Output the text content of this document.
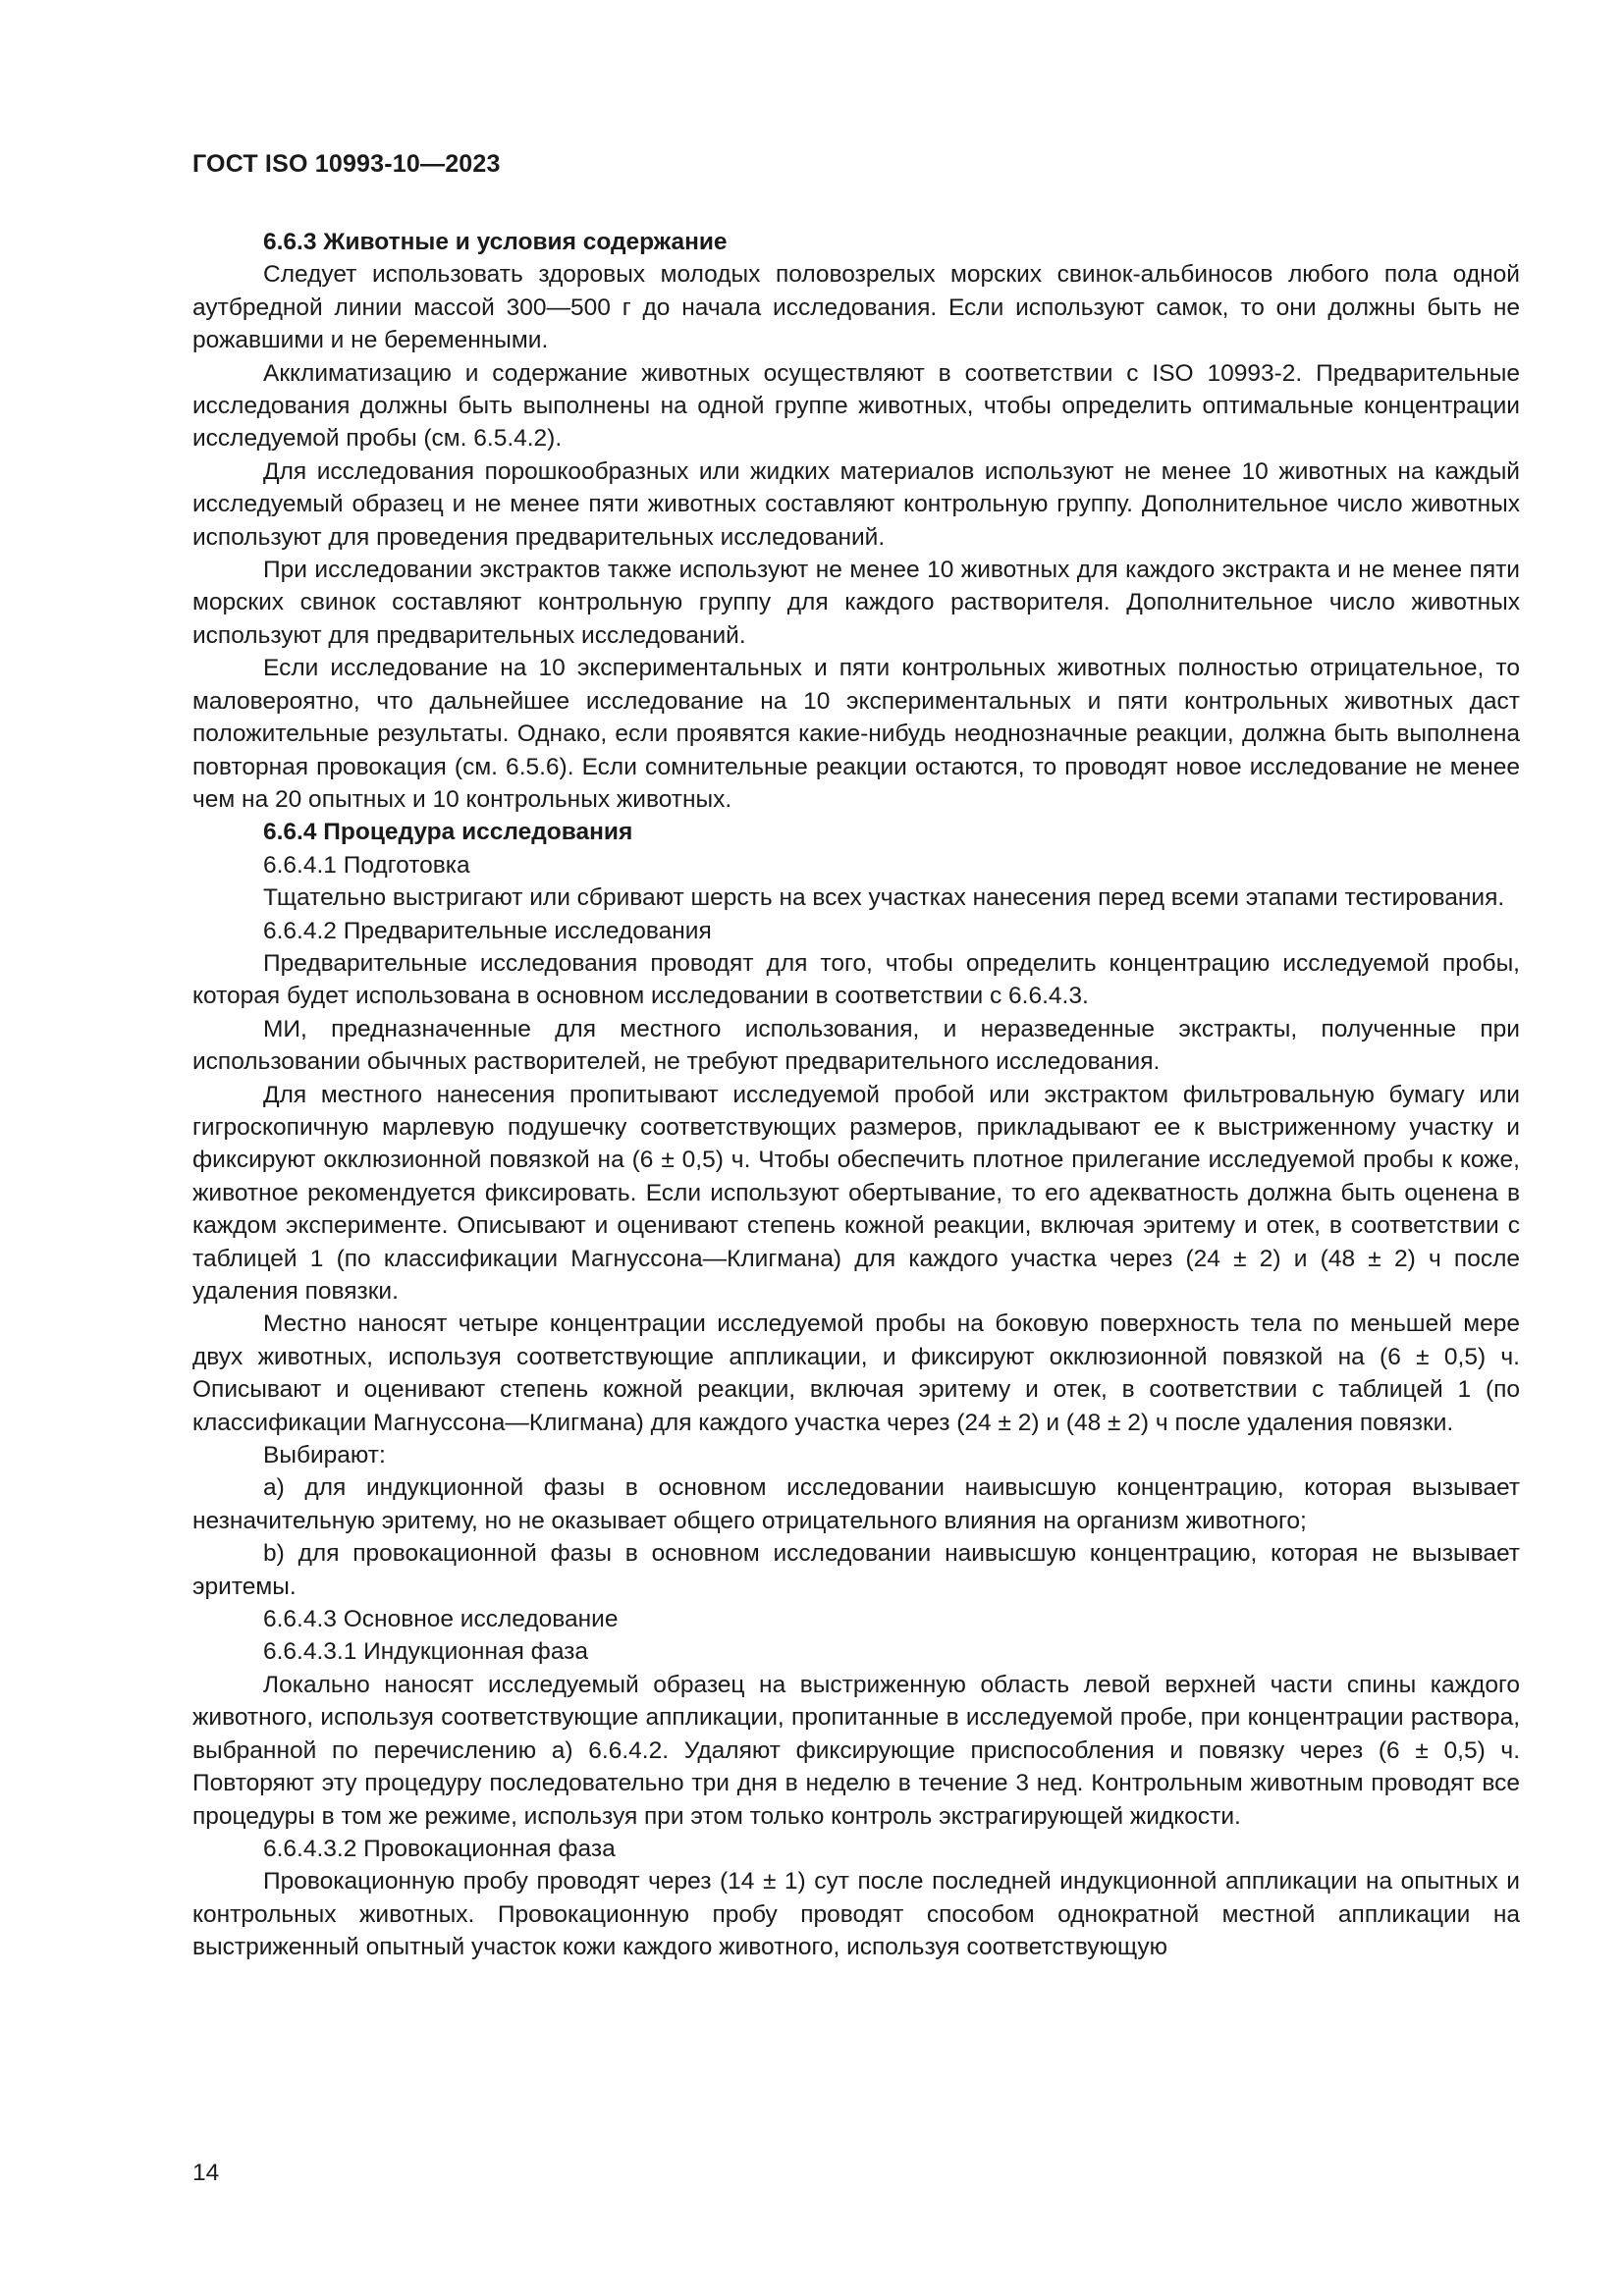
ГОСТ ISO 10993-10—2023

6.6.3 Животные и условия содержание

Следует использовать здоровых молодых половозрелых морских свинок-альбиносов любого пола одной аутбредной линии массой 300—500 г до начала исследования. Если используют самок, то они должны быть не рожавшими и не беременными.

Акклиматизацию и содержание животных осуществляют в соответствии с ISO 10993-2. Предварительные исследования должны быть выполнены на одной группе животных, чтобы определить оптимальные концентрации исследуемой пробы (см. 6.5.4.2).

Для исследования порошкообразных или жидких материалов используют не менее 10 животных на каждый исследуемый образец и не менее пяти животных составляют контрольную группу. Дополнительное число животных используют для проведения предварительных исследований.

При исследовании экстрактов также используют не менее 10 животных для каждого экстракта и не менее пяти морских свинок составляют контрольную группу для каждого растворителя. Дополнительное число животных используют для предварительных исследований.

Если исследование на 10 экспериментальных и пяти контрольных животных полностью отрицательное, то маловероятно, что дальнейшее исследование на 10 экспериментальных и пяти контрольных животных даст положительные результаты. Однако, если проявятся какие-нибудь неоднозначные реакции, должна быть выполнена повторная провокация (см. 6.5.6). Если сомнительные реакции остаются, то проводят новое исследование не менее чем на 20 опытных и 10 контрольных животных.

6.6.4 Процедура исследования

6.6.4.1 Подготовка

Тщательно выстригают или сбривают шерсть на всех участках нанесения перед всеми этапами тестирования.

6.6.4.2 Предварительные исследования

Предварительные исследования проводят для того, чтобы определить концентрацию исследуемой пробы, которая будет использована в основном исследовании в соответствии с 6.6.4.3.

МИ, предназначенные для местного использования, и неразведенные экстракты, полученные при использовании обычных растворителей, не требуют предварительного исследования.

Для местного нанесения пропитывают исследуемой пробой или экстрактом фильтровальную бумагу или гигроскопичную марлевую подушечку соответствующих размеров, прикладывают ее к выстриженному участку и фиксируют окклюзионной повязкой на (6 ± 0,5) ч. Чтобы обеспечить плотное прилегание исследуемой пробы к коже, животное рекомендуется фиксировать. Если используют обертывание, то его адекватность должна быть оценена в каждом эксперименте. Описывают и оценивают степень кожной реакции, включая эритему и отек, в соответствии с таблицей 1 (по классификации Магнуссона—Клигмана) для каждого участка через (24 ± 2) и (48 ± 2) ч после удаления повязки.

Местно наносят четыре концентрации исследуемой пробы на боковую поверхность тела по меньшей мере двух животных, используя соответствующие аппликации, и фиксируют окклюзионной повязкой на (6 ± 0,5) ч. Описывают и оценивают степень кожной реакции, включая эритему и отек, в соответствии с таблицей 1 (по классификации Магнуссона—Клигмана) для каждого участка через (24 ± 2) и (48 ± 2) ч после удаления повязки.

Выбирают:

a) для индукционной фазы в основном исследовании наивысшую концентрацию, которая вызывает незначительную эритему, но не оказывает общего отрицательного влияния на организм животного;

b) для провокационной фазы в основном исследовании наивысшую концентрацию, которая не вызывает эритемы.

6.6.4.3 Основное исследование

6.6.4.3.1 Индукционная фаза

Локально наносят исследуемый образец на выстриженную область левой верхней части спины каждого животного, используя соответствующие аппликации, пропитанные в исследуемой пробе, при концентрации раствора, выбранной по перечислению a) 6.6.4.2. Удаляют фиксирующие приспособления и повязку через (6 ± 0,5) ч. Повторяют эту процедуру последовательно три дня в неделю в течение 3 нед. Контрольным животным проводят все процедуры в том же режиме, используя при этом только контроль экстрагирующей жидкости.

6.6.4.3.2 Провокационная фаза

Провокационную пробу проводят через (14 ± 1) сут после последней индукционной аппликации на опытных и контрольных животных. Провокационную пробу проводят способом однократной местной аппликации на выстриженный опытный участок кожи каждого животного, используя соответствующую

14
